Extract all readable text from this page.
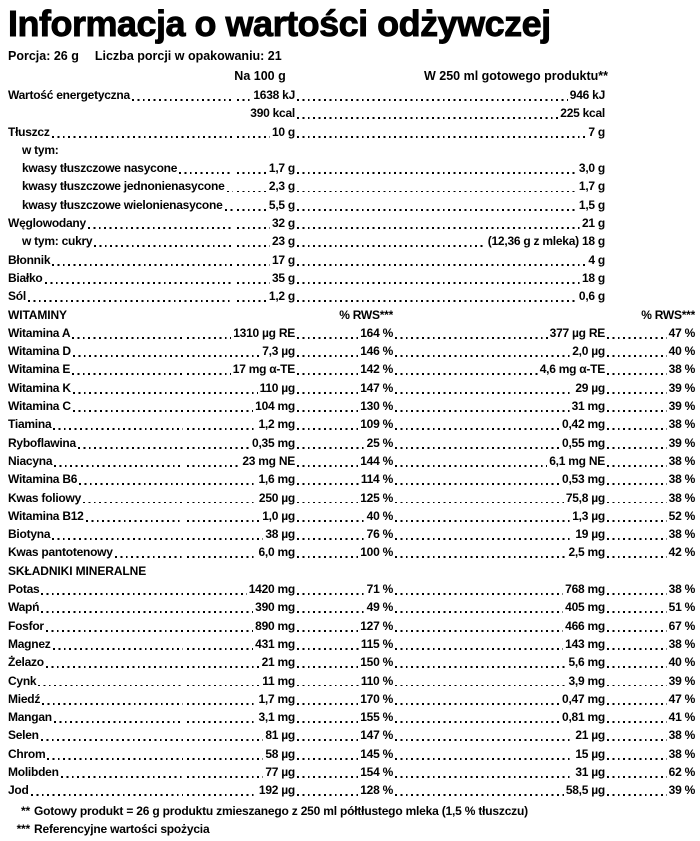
Informacja o wartości odżywczej
Porcja: 26 g Liczba porcji w opakowaniu: 21
Na 100 g	W 250 ml gotowego produktu**
Wartość energetyczna	1638 kJ	946 kJ
390 kcal	225 kcal
Tłuszcz	10 g	7 g
w tym:
kwasy tłuszczowe nasycone	1,7 g	3,0 g
kwasy tłuszczowe jednonienasycone	2,3 g	1,7 g
kwasy tłuszczowe wielonienasycone	5,5 g	1,5 g
Węglowodany	32 g	21 g
w tym: cukry	23 g	(12,36 g z mleka) 18 g
Błonnik	17 g	4 g
Białko	35 g	18 g
Sól	1,2 g	0,6 g
WITAMINY	% RWS***	% RWS***
Witamina A	1310 µg RE	164 %	377 µg RE	47 %
Witamina D	7,3 µg	146 %	2,0 µg	40 %
Witamina E	17 mg α-TE	142 %	4,6 mg α-TE	38 %
Witamina K	110 µg	147 %	29 µg	39 %
Witamina C	104 mg	130 %	31 mg	39 %
Tiamina	1,2 mg	109 %	0,42 mg	38 %
Ryboflawina	0,35 mg	25 %	0,55 mg	39 %
Niacyna	23 mg NE	144 %	6,1 mg NE	38 %
Witamina B6	1,6 mg	114 %	0,53 mg	38 %
Kwas foliowy	250 µg	125 %	75,8 µg	38 %
Witamina B12	1,0 µg	40 %	1,3 µg	52 %
Biotyna	38 µg	76 %	19 µg	38 %
Kwas pantotenowy	6,0 mg	100 %	2,5 mg	42 %
SKŁADNIKI MINERALNE
Potas	1420 mg	71 %	768 mg	38 %
Wapń	390 mg	49 %	405 mg	51 %
Fosfor	890 mg	127 %	466 mg	67 %
Magnez	431 mg	115 %	143 mg	38 %
Żelazo	21 mg	150 %	5,6 mg	40 %
Cynk	11 mg	110 %	3,9 mg	39 %
Miedź	1,7 mg	170 %	0,47 mg	47 %
Mangan	3,1 mg	155 %	0,81 mg	41 %
Selen	81 µg	147 %	21 µg	38 %
Chrom	58 µg	145 %	15 µg	38 %
Molibden	77 µg	154 %	31 µg	62 %
Jod	192 µg	128 %	58,5 µg	39 %
** Gotowy produkt = 26 g produktu zmieszanego z 250 ml półtłustego mleka (1,5 % tłuszczu)
*** Referencyjne wartości spożycia
